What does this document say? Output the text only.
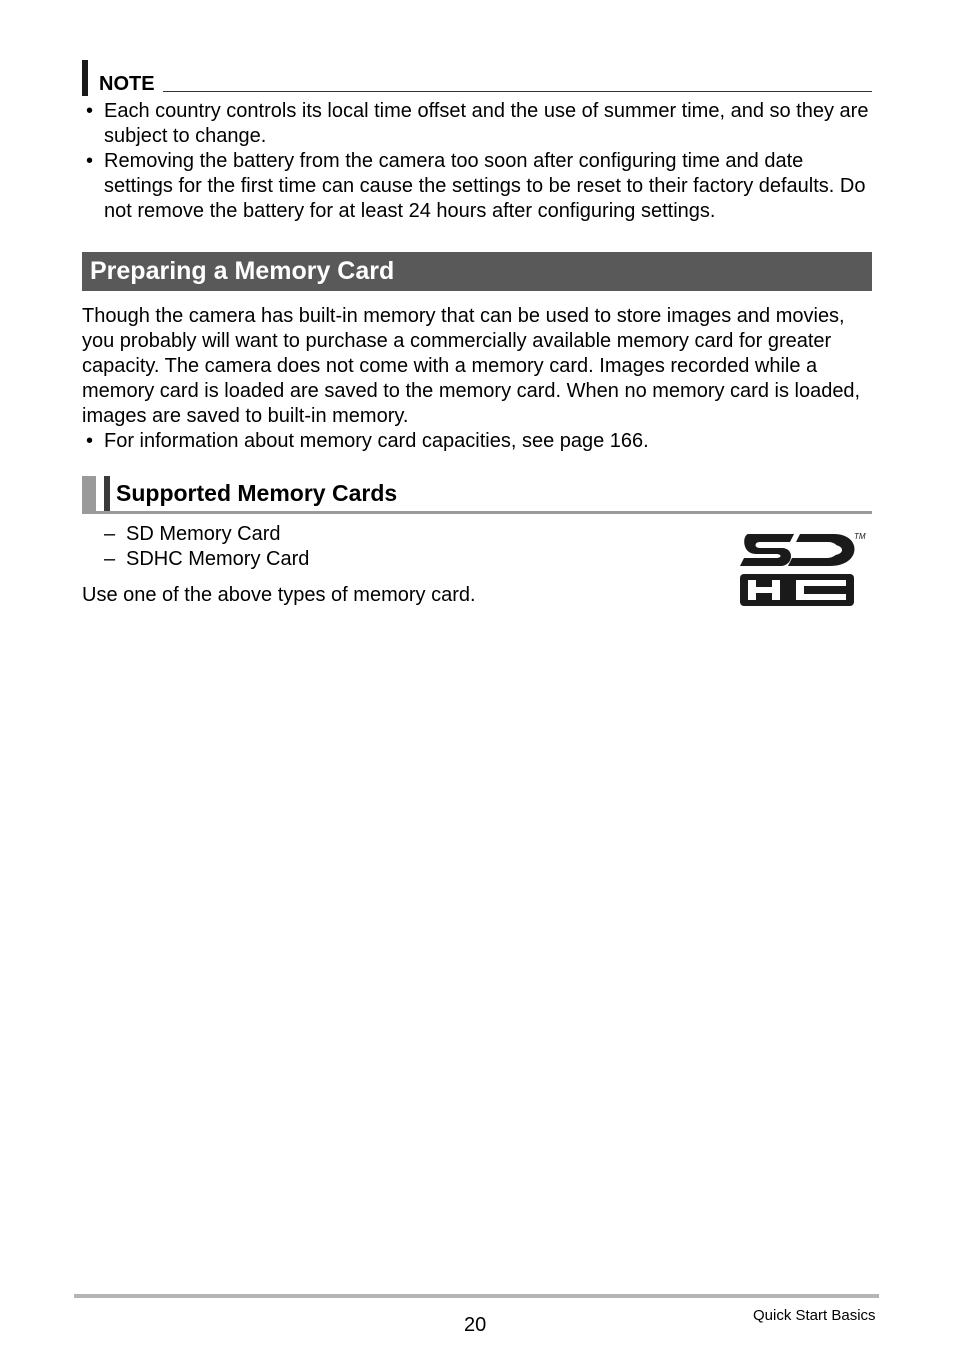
NOTE
• Each country controls its local time offset and the use of summer time, and so they are subject to change.
• Removing the battery from the camera too soon after configuring time and date settings for the first time can cause the settings to be reset to their factory defaults. Do not remove the battery for at least 24 hours after configuring settings.
Preparing a Memory Card

Though the camera has built-in memory that can be used to store images and movies, you probably will want to purchase a commercially available memory card for greater capacity. The camera does not come with a memory card. Images recorded while a memory card is loaded are saved to the memory card. When no memory card is loaded, images are saved to built-in memory.

• For information about memory card capacities, see page 166.
Supported Memory Cards
– SD Memory Card
– SDHC Memory Card
Use one of the above types of memory card.
TM
20	Quick Start Basics
